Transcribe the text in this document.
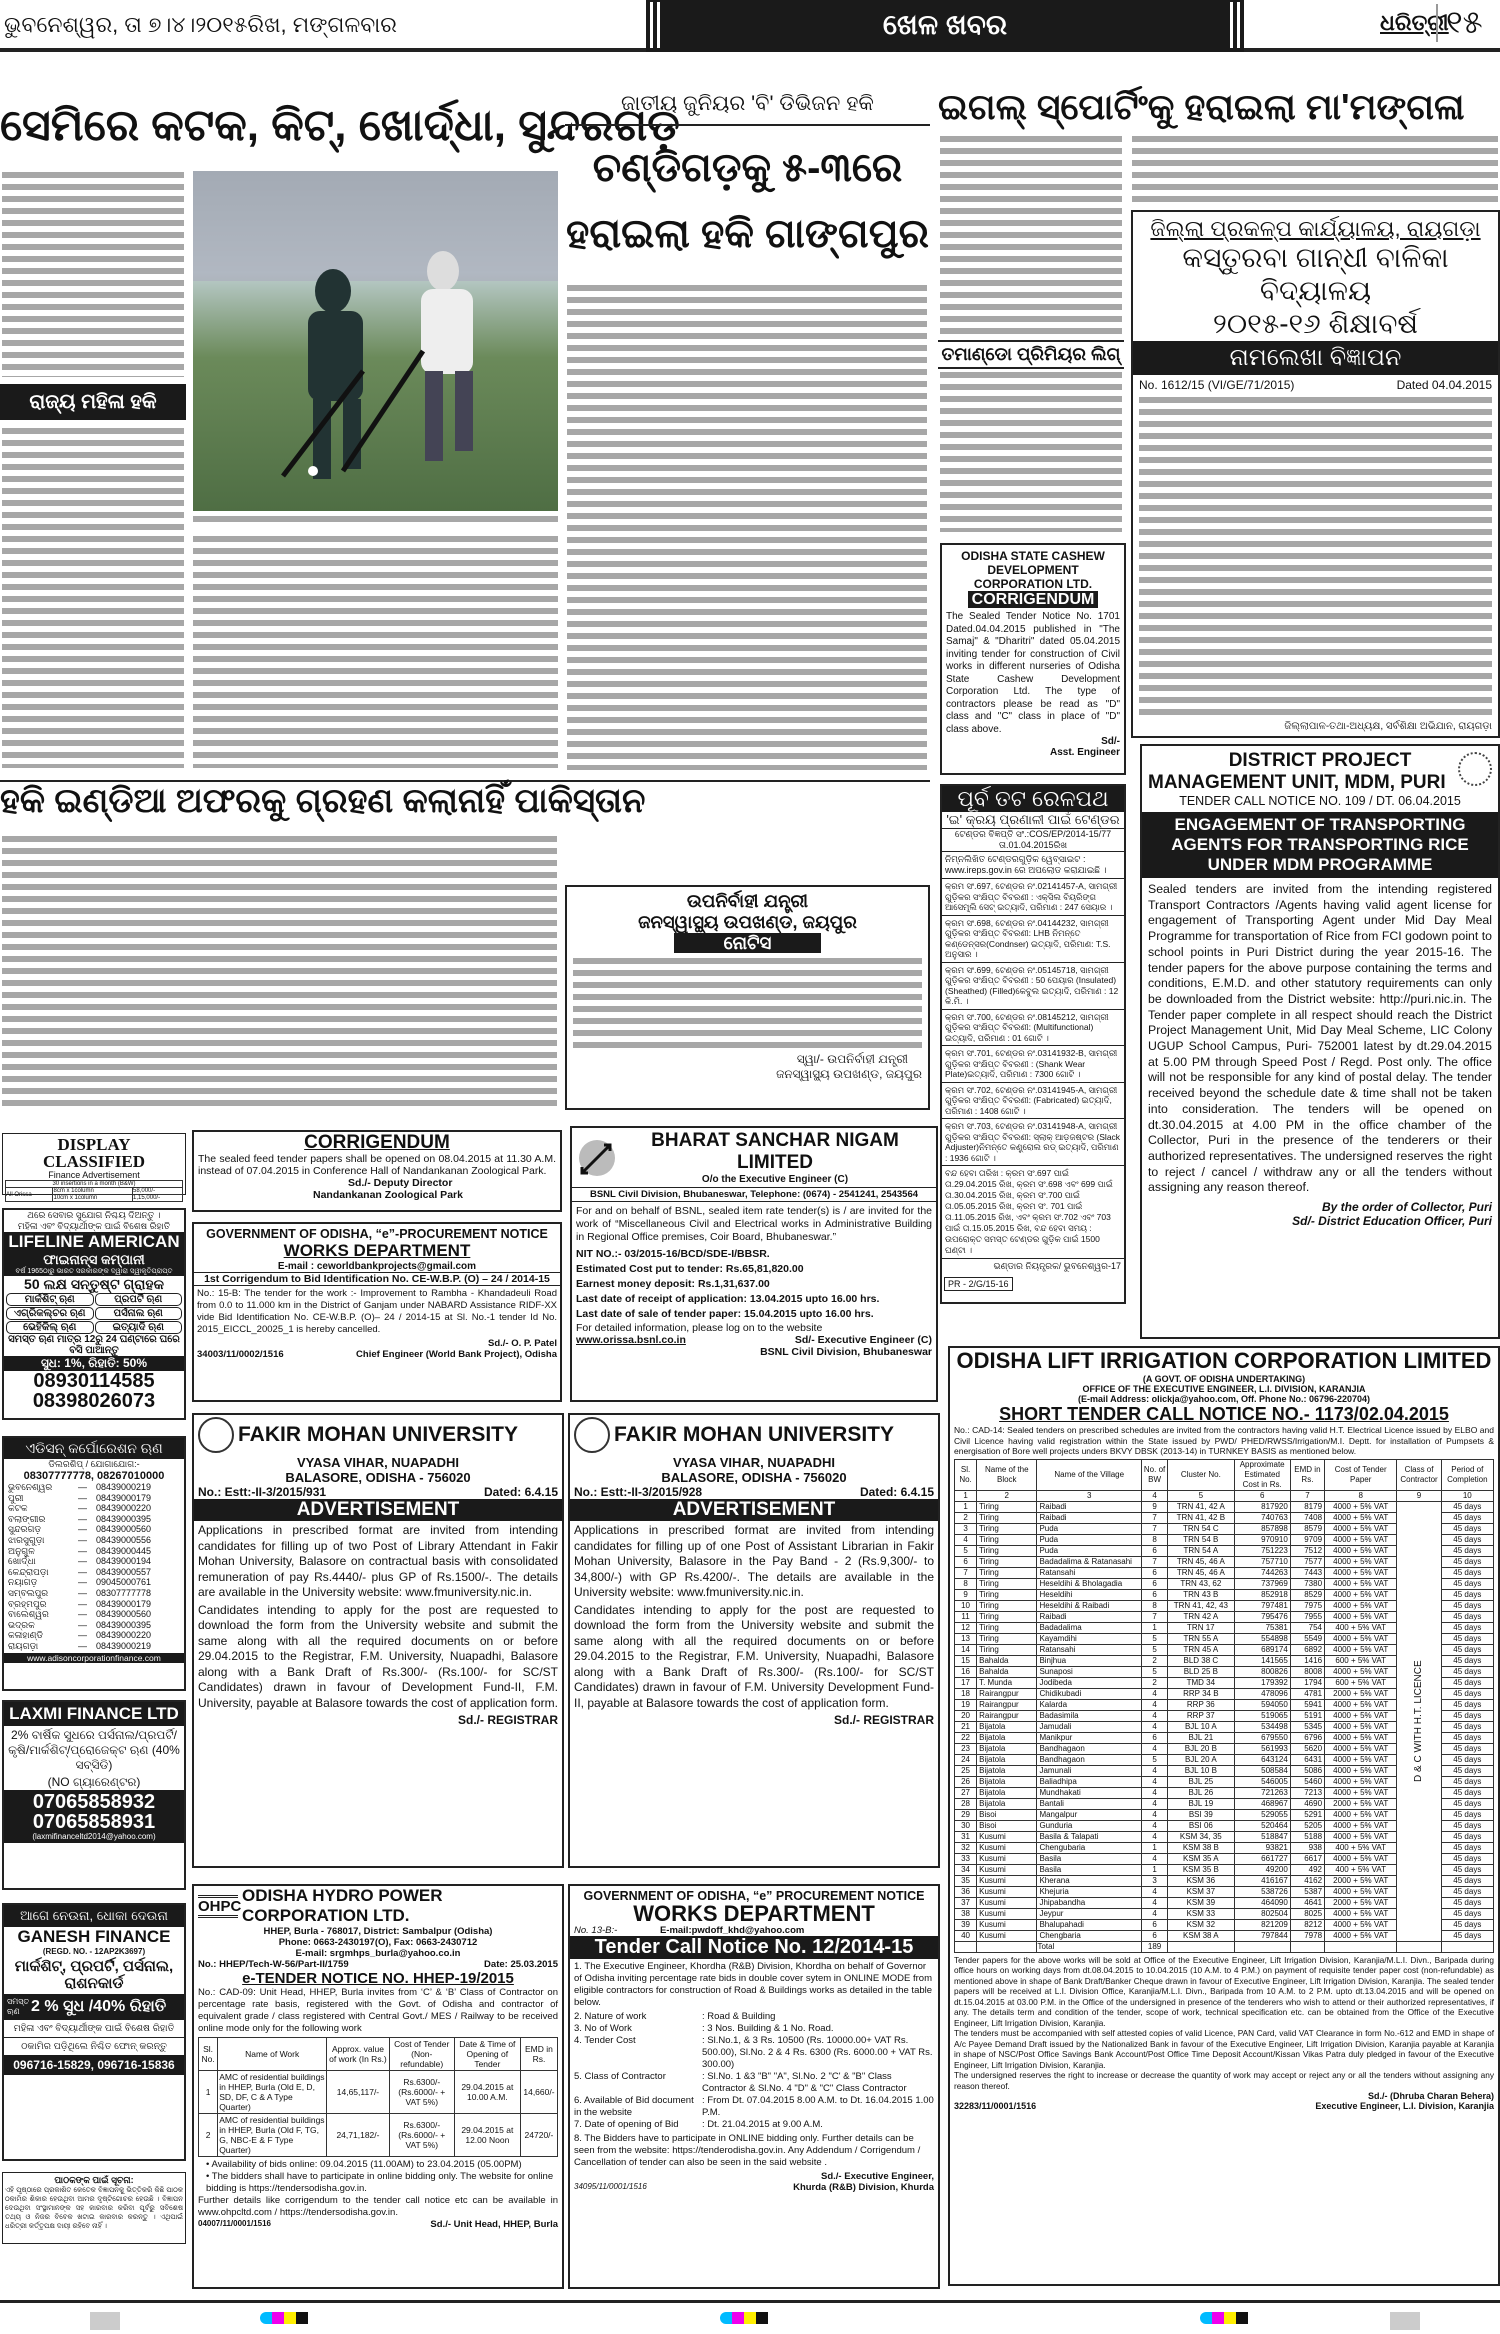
ଭୁବନେଶ୍ୱର, ତା ୭।୪।୨୦୧୫ରିଖ, ମଙ୍ଗଳବାର	ଖେଳ ଖବର	ଧରିତ୍ରୀ
୧୫
ସେମିରେ କଟକ, କିଟ୍, ଖୋର୍ଦ୍ଧା, ସୁନ୍ଦରଗଡ଼
ରାଜ୍ୟ ମହିଳା ହକି
ଜାତୀୟ ଜୁନିୟର 'ବି' ଡିଭିଜନ ହକି
ଚଣ୍ଡିଗଡ଼କୁ ୫-୩ରେ ହରାଇଲା ହକି ଗାଙ୍ଗପୁର
ଇଗଲ୍ ସ୍ପୋର୍ଟିଂକୁ ହରାଇଲା ମା'ମଙ୍ଗଳା
ତମାଣ୍ଡୋ ପ୍ରିମିୟର ଲିଗ୍
ଜିଲ୍ଲା ପ୍ରକଳ୍ପ କାର୍ଯ୍ୟାଳୟ, ରାୟଗଡ଼ା
କସ୍ତୁରବା ଗାନ୍ଧୀ ବାଳିକା ବିଦ୍ୟାଳୟ
୨୦୧୫-୧୬ ଶିକ୍ଷାବର୍ଷ
ନାମଲେଖା ବିଜ୍ଞାପନ
No. 1612/15 (VI/GE/71/2015)	Dated 04.04.2015
ଜିଲ୍ଲାପାଳ-ତଥା-ଅଧ୍ୟକ୍ଷ, ସର୍ବଶିକ୍ଷା ଅଭିଯାନ, ରାୟଗଡ଼ା
ODISHA STATE CASHEW DEVELOPMENT CORPORATION LTD.
CORRIGENDUM
The Sealed Tender Notice No. 1701 Dated.04.04.2015 published in "The Samaj" & "Dharitri" dated 05.04.2015 inviting tender for construction of Civil works in different nurseries of Odisha State Cashew Development Corporation Ltd. The type of contractors please be read as "D" class and "C" class in place of "D" class above.
Sd/-
Asst. Engineer
ପୂର୍ବ ତଟ ରେଳପଥ
'ଇ' କ୍ରୟ ପ୍ରଣାଳୀ ପାଇଁ ଟେଣ୍ଡର
ଟେଣ୍ଡର ବିଜ୍ଞପ୍ତି ସଂ.:COS/EP/2014-15/77
ତା.01.04.2015ରିଖ
ନିମ୍ନଲିଖିତ ଟେଣ୍ଡରଗୁଡ଼ିକ ୱେବ୍‌ସାଇଟ : www.ireps.gov.in ରେ ଅପଲୋଡ କରାଯାଇଛି ।
କ୍ରମ ସଂ.697, ଟେଣ୍ଡର ନଂ.02141457-A, ସାମଗ୍ରୀ ଗୁଡ଼ିକର ସଂକ୍ଷିପ୍ତ ବିବରଣୀ : ଏକ୍ସିଲ ବିୟରିଙ୍ଗ ଆସେମ୍ବ୍ଲି ସେଟ୍ ଇତ୍ୟାଦି, ପରିମାଣ : 247 ସେୟାର ।
କ୍ରମ ସଂ.698, ଟେଣ୍ଡର ନଂ.04144232, ସାମଗ୍ରୀ ଗୁଡ଼ିକର ସଂକ୍ଷିପ୍ତ ବିବରଣୀ: LHB ନିମନ୍ତେ କଣ୍ଡେନ୍ସର(Condnser) ଇତ୍ୟାଦି, ପରିମାଣ: T.S. ଅନୁସାର ।
କ୍ରମ ସଂ.699, ଟେଣ୍ଡର ନଂ.05145718, ସାମଗ୍ରୀ ଗୁଡ଼ିକର ସଂକ୍ଷିପ୍ତ ବିବରଣୀ : 50 ପେୟାର (Insulated) (Sheathed) (Filled)କେବୁଲ ଇତ୍ୟାଦି, ପରିମାଣ : 12 କି.ମି. ।
କ୍ରମ ସଂ.700, ଟେଣ୍ଡର ନଂ.08145212, ସାମଗ୍ରୀ ଗୁଡ଼ିକର ସଂକ୍ଷିପ୍ତ ବିବରଣୀ: (Multifunctional) ଇତ୍ୟାଦି, ପରିମାଣ : 01 ଗୋଟି ।
କ୍ରମ ସଂ.701, ଟେଣ୍ଡର ନଂ.03141932-B, ସାମଗ୍ରୀ ଗୁଡ଼ିକର ସଂକ୍ଷିପ୍ତ ବିବରଣୀ : (Shank Wear Plate)ଇତ୍ୟାଦି, ପରିମାଣ : 7300 ଗୋଟି ।
କ୍ରମ ସଂ.702, ଟେଣ୍ଡର ନଂ.03141945-A, ସାମଗ୍ରୀ ଗୁଡ଼ିକର ସଂକ୍ଷିପ୍ତ ବିବରଣୀ: (Fabricated) ଇତ୍ୟାଦି, ପରିମାଣ : 1408 ଗୋଟି ।
କ୍ରମ ସଂ.703, ଟେଣ୍ଡର ନଂ.03141948-A, ସାମଗ୍ରୀ ଗୁଡ଼ିକର ସଂକ୍ଷିପ୍ତ ବିବରଣୀ: ସ୍ଲାକ୍ ଆଡ଼ଜଷ୍ଟର (Slack Adjuster)ନିମନ୍ତେ କଣ୍ଟ୍ରୋଲ ରଡ୍ ଇତ୍ୟାଦି, ପରିମାଣ : 1936 ଗୋଟି ।
ବନ୍ଦ ହେବା ତାରିଖ : କ୍ରମ ସଂ.697 ପାଇଁ ତା.29.04.2015 ରିଖ, କ୍ରମ ସଂ.698 ଏବଂ 699 ପାଇଁ ତା.30.04.2015 ରିଖ, କ୍ରମ ସଂ.700 ପାଇଁ ତା.05.05.2015 ରିଖ, କ୍ରମ ସଂ. 701 ପାଇଁ ତା.11.05.2015 ରିଖ, ଏବଂ କ୍ରମ ସଂ.702 ଏବଂ 703 ପାଇଁ ତା.15.05.2015 ରିଖ, ବନ୍ଦ ହେବା ସମୟ : ଉପରୋକ୍ତ ସମସ୍ତ ଟେଣ୍ଡର ଗୁଡ଼ିକ ପାଇଁ 1500 ଘଣ୍ଟା ।
ଭଣ୍ଡାର ନିୟନ୍ତ୍ରକ/ ଭୁବନେଶ୍ୱର-17
PR - 2/G/15-16
DISTRICT PROJECT
MANAGEMENT UNIT, MDM, PURI
TENDER CALL NOTICE NO. 109 / DT. 06.04.2015
ENGAGEMENT OF TRANSPORTING AGENTS FOR TRANSPORTING RICE UNDER MDM PROGRAMME
Sealed tenders are invited from the intending registered Transport Contractors /Agents having valid agent license for engagement of Transporting Agent under Mid Day Meal Programme for transportation of Rice from FCI godown point to school points in Puri District during the year 2015-16. The tender papers for the above purpose containing the terms and conditions, E.M.D. and other statutory requirements can only be downloaded from the District website: http://puri.nic.in. The Tender paper complete in all respect should reach the District Project Management Unit, Mid Day Meal Scheme, LIC Colony UGUP School Campus, Puri- 752001 latest by dt.29.04.2015 at 5.00 PM through Speed Post / Regd. Post only. The office will not be responsible for any kind of postal delay. The tender received beyond the schedule date & time shall not be taken into consideration. The tenders will be opened on dt.30.04.2015 at 4.00 PM in the office chamber of the Collector, Puri in the presence of the tenderers or their authorized representatives. The undersigned reserves the right to reject / cancel / withdraw any or all the tenders without assigning any reason thereof.
By the order of Collector, Puri
Sd/- District Education Officer, Puri
ହକି ଇଣ୍ଡିଆ ଅଫରକୁ ଗ୍ରହଣ କଲାନାହିଁ ପାକିସ୍ତାନ
ଉପନିର୍ବାହୀ ଯନ୍ତ୍ରୀ
ଜନସ୍ୱାସ୍ଥ୍ୟ ଉପଖଣ୍ଡ, ଜୟପୁର
ନୋଟିସ
ସ୍ୱା/- ଉପନିର୍ବାହୀ ଯନ୍ତ୍ରୀ
ଜନସ୍ୱାସ୍ଥ୍ୟ ଉପଖଣ୍ଡ, ଜୟପୁର
DISPLAY CLASSIFIED
Finance Advertisement
30 insertions in a month (B&W)		
All Orissa	8cm x 1column	58,000/-
	10cm x 1column	1,15,000/-
ଥରେ ସେବାର ସୁଯୋଗ ନିଶ୍ଚୟ ଦିଅନ୍ତୁ ।
ମହିଳା ଏବଂ ବିଦ୍ୟାର୍ଥୀଙ୍କ ପାଇଁ ବିଶେଷ ରିହାତି
LIFELINE AMERICAN
ଫାଇନାନ୍ସ କମ୍ପାନୀ
ବର୍ଷ 1965ଠାରୁ ଭାରତ ସରକାରଙ୍କ ଦ୍ୱାରା ସ୍ୱୀକୃତିପ୍ରାପ୍ତ
50 ଲକ୍ଷ ସନ୍ତୁଷ୍ଟ ଗ୍ରାହକ
ମାର୍କଶିଟ୍ ଋଣ	ପ୍ରପର୍ଟି ଋଣ
ଏଗ୍ରିକଲ୍ଚର ଋଣ	ପର୍ସନାଲ ଋଣ
ଭେହିକିଲ୍ ଋଣ	ଇତ୍ୟାଦି ଋଣ
ସମସ୍ତ ଋଣ ମାତ୍ର 12ରୁ 24 ଘଣ୍ଟାରେ ଘରେ ବସି ପାଆନ୍ତୁ
ସୁଧ: 1%, ରିହାତି: 50%
08930114585
08398026073
ଏଡିସନ୍ କର୍ପୋରେଶନ ଋଣ
ଡିଲରଶିପ୍ / ଯୋଗାଯୋଗ:-
08307777778, 08267010000
ଭୁବନେଶ୍ୱର	—	08439000219
ପୁରୀ	—	08439000179
କଟକ	—	08439000220
ବଲାଙ୍ଗୀର	—	08439000395
ସୁନ୍ଦରଗଡ଼	—	08439000560
ଝାରସୁଗୁଡ଼ା	—	08439000556
ଅନୁଗୁଳ	—	08439000445
ଖୋର୍ଦ୍ଧା	—	08439000194
କେନ୍ଦ୍ରାପଡ଼ା	—	08439000557
ନୟାଗଡ଼	—	09045000761
ସମ୍ବଲପୁର	—	08307777778
ବ୍ରହ୍ମପୁର	—	08439000179
ବାଲେଶ୍ୱର	—	08439000560
ଭଦ୍ରକ	—	08439000395
କଳାହାଣ୍ଡି	—	08439000220
ରାୟଗଡ଼ା	—	08439000219
www.adisoncorporationfinance.com
LAXMI FINANCE LTD
2% ବାର୍ଷିକ ସୁଧରେ ପର୍ସନାଲ/ପ୍ରପର୍ଟି/ କୃଷି/ମାର୍କଶିଟ୍/ପ୍ରୋଜେକ୍ଟ ଋଣ (40% ସବ୍‌ସିଡି)
(NO ଗ୍ୟାରେଣ୍ଟର)
07065858932
07065858931
(laxmifinanceltd2014@yahoo.com)
ଆଗେ ନେଉନା, ଧୋକା ଦେଉନା
GANESH FINANCE
(REGD. NO. - 12AP2K3697)
ମାର୍କଶିଟ୍, ପ୍ରପର୍ଟି, ପର୍ସନାଲ, ରାଶନକାର୍ଡ
ସମସ୍ତ ଋଣ 2 % ସୁଧ /40% ରିହାତି
ମହିଳା ଏବଂ ବିଦ୍ୟାର୍ଥୀଙ୍କ ପାଇଁ ବିଶେଷ ରିହାତି
ଠକାମିର ପଡ଼ିଥିଲେ ନିଶ୍ଚିତ ଫୋନ୍ କରନ୍ତୁ
096716-15829, 096716-15836
ପାଠକଙ୍କ ପାଇଁ ସୂଚନା:
ଏହି ପୃଷ୍ଠାରେ ପ୍ରକାଶିତ କେତେକ ବିଜ୍ଞାପନକୁ ଭିତ୍ତିକରି କିଛି ପାଠକ ଠକାମିର ଶିକାର ହେଉଥିବା ଆମର ଦୃଷ୍ଟିଗୋଚର ହେଉଛି । ବିଜ୍ଞାପନ ଦେଉଥିବା ସଂସ୍ଥାମାନଙ୍କ ସହ କାରବାର କରିବା ପୂର୍ବରୁ ସବିଶେଷ ତଥ୍ୟ ଓ ନିଜର ବିବେକ ଖଟାଇ କାରବାର କରନ୍ତୁ । ଏଥିପାଇଁ ଧରିତ୍ରୀ କର୍ତ୍ତୃପକ୍ଷ ଦାୟୀ ରହିବେ ନାହିଁ ।
CORRIGENDUM
The sealed feed tender papers shall be opened on 08.04.2015 at 11.30 A.M. instead of 07.04.2015 in Conference Hall of Nandankanan Zoological Park.
Sd./- Deputy Director
Nandankanan Zoological Park
GOVERNMENT OF ODISHA, “e”-PROCUREMENT NOTICE
WORKS DEPARTMENT
E-mail : ceworldbankprojects@gmail.com
1st Corrigendum to Bid Identification No. CE-W.B.P. (O) – 24 / 2014-15
No.: 15-B: The tender for the work :- Improvement to Rambha - Khandadeuli Road from 0.0 to 11.000 km in the District of Ganjam under NABARD Assistance RIDF-XX vide Bid Identification No. CE-W.B.P. (O)– 24 / 2014-15 at Sl. No.-1 tender Id No. 2015_EICCL_20025_1 is hereby cancelled.
Sd./- O. P. Patel
34003/11/0002/1516	Chief Engineer (World Bank Project), Odisha
BHARAT SANCHAR NIGAM LIMITED
O/o the Executive Engineer (C)
BSNL Civil Division, Bhubaneswar, Telephone: (0674) - 2541241, 2543564
For and on behalf of BSNL, sealed item rate tender(s) is / are invited for the work of “Miscellaneous Civil and Electrical works in Administrative Building in Regional Office premises, Coir Board, Bhubaneswar.”
NIT NO.:- 03/2015-16/BCD/SDE-I/BBSR.
Estimated Cost put to tender: Rs.65,81,820.00
Earnest money deposit: Rs.1,31,637.00
Last date of receipt of application: 13.04.2015 upto 16.00 hrs.
Last date of sale of tender paper: 15.04.2015 upto 16.00 hrs.
For detailed information, please log on to the website
www.orissa.bsnl.co.in	Sd/- Executive Engineer (C)
BSNL Civil Division, Bhubaneswar
FAKIR MOHAN UNIVERSITY
VYASA VIHAR, NUAPADHI
BALASORE, ODISHA - 756020
No.: Estt:-II-3/2015/931	Dated: 6.4.15
ADVERTISEMENT
Applications in prescribed format are invited from intending candidates for filling up of two Post of Library Attendant in Fakir Mohan University, Balasore on contractual basis with consolidated remuneration of pay Rs.4440/- plus GP of Rs.1500/-. The details are available in the University website: www.fmuniversity.nic.in.
Candidates intending to apply for the post are requested to download the form from the University website and submit the same along with all the required documents on or before 29.04.2015 to the Registrar, F.M. University, Nuapadhi, Balasore along with a Bank Draft of Rs.300/- (Rs.100/- for SC/ST Candidates) drawn in favour of Development Fund-II, F.M. University, payable at Balasore towards the cost of application form.
Sd./- REGISTRAR
FAKIR MOHAN UNIVERSITY
VYASA VIHAR, NUAPADHI
BALASORE, ODISHA - 756020
No.: Estt:-II-3/2015/928	Dated: 6.4.15
ADVERTISEMENT
Applications in prescribed format are invited from intending candidates for filling up of one Post of Assistant Librarian in Fakir Mohan University, Balasore in the Pay Band - 2 (Rs.9,300/- to 34,800/-) with GP Rs.4200/-. The details are available in the University website: www.fmuniversity.nic.in.
Candidates intending to apply for the post are requested to download the form from the University website and submit the same along with all the required documents on or before 29.04.2015 to the Registrar, F.M. University, Nuapadhi, Balasore along with a Bank Draft of Rs.300/- (Rs.100/- for SC/ST Candidates) drawn in favour of F.M. University Development Fund-II, payable at Balasore towards the cost of application form.
Sd./- REGISTRAR
OHPC
ODISHA HYDRO POWER CORPORATION LTD.
HHEP, Burla - 768017, District: Sambalpur (Odisha)
Phone: 0663-2430197(O), Fax: 0663-2430712
E-mail: srgmhps_burla@yahoo.co.in
No.: HHEP/Tech-W-56/Part-II/1759	Date: 25.03.2015
e-TENDER NOTICE NO. HHEP-19/2015
No.: CAD-09: Unit Head, HHEP, Burla invites from ‘C’ & ‘B’ Class of Contractor on percentage rate basis, registered with the Govt. of Odisha and contractor of equivalent grade / class registered with Central Govt./ MES / Railway to be received online mode only for the following work
Sl. No.	Name of Work	Approx. value of work (In Rs.)	Cost of Tender (Non-refundable)	Date & Time of Opening of Tender	EMD in Rs.
1	AMC of residential buildings in HHEP, Burla (Old E, D, SD, DF, C & A Type Quarter)	14,65,117/-	Rs.6300/- (Rs.6000/- + VAT 5%)	29.04.2015 at 10.00 A.M.	14,660/-
2	AMC of residential buildings in HHEP, Burla (Old F, TG, G, NBC-E & F Type Quarter)	24,71,182/-	Rs.6300/- (Rs.6000/- + VAT 5%)	29.04.2015 at 12.00 Noon	24720/-
• Availability of bids online: 09.04.2015 (11.00AM) to 23.04.2015 (05.00PM)
• The bidders shall have to participate in online bidding only. The website for online bidding is https://tendersodisha.gov.in.
Further details like corrigendum to the tender call notice etc can be available in www.ohpcltd.com / https://tendersodisha.gov.in.
04007/11/0001/1516	Sd./- Unit Head, HHEP, Burla
GOVERNMENT OF ODISHA, “e” PROCUREMENT NOTICE
WORKS DEPARTMENT
No. 13-B:-	E-mail:pwdoff_khd@yahoo.com
Tender Call Notice No. 12/2014-15
1. The Executive Engineer, Khordha (R&B) Division, Khordha on behalf of Governor of Odisha inviting percentage rate bids in double cover sytem in ONLINE MODE from eligible contractors for construction of Road & Buildings works as detailed in the table below.
2. Nature of work	: Road & Building
3. No of Work	: 3 Nos. Building & 1 No. Road.
4. Tender Cost	: Sl.No.1, & 3 Rs. 10500 (Rs. 10000.00+ VAT Rs. 500.00), Sl.No. 2 & 4 Rs. 6300 (Rs. 6000.00 + VAT Rs. 300.00)
5. Class of Contractor	: Sl.No. 1 &3 "B" "A", Sl.No. 2 "C' & "B" Class Contractor & Sl.No. 4 "D" & "C" Class Contractor
6. Available of Bid document in the website
: From Dt. 07.04.2015 8.00 A.M. to Dt. 16.04.2015 1.00 P.M.
7. Date of opening of Bid	: Dt. 21.04.2015 at 9.00 A.M.
8. The Bidders have to participate in ONLINE bidding only. Further details can be seen from the website: https://tenderodisha.gov.in. Any Addendum / Corrigendum / Cancellation of tender can also be seen in the said website .
Sd./- Executive Engineer,
34095/11/0001/1516	Khurda (R&B) Division, Khurda
ODISHA LIFT IRRIGATION CORPORATION LIMITED
(A GOVT. OF ODISHA UNDERTAKING)
OFFICE OF THE EXECUTIVE ENGINEER, L.I. DIVISION, KARANJIA
(E-mail Address: olickja@yahoo.com, Off. Phone No.: 06796-220704)
SHORT TENDER CALL NOTICE NO.- 1173/02.04.2015
No.: CAD-14: Sealed tenders on prescribed schedules are invited from the contractors having valid H.T. Electrical Licence issued by ELBO and Civil Licence having valid registration within the State issued by PWD/ PHED/RWSS/Irrigation/M.I. Deptt. for installation of Pumpsets & energisation of Bore well projects unders BKVY DBSK (2013-14) in TURNKEY BASIS as mentioned below.
Sl. No.	Name of the Block	Name of the Village	No. of BW	Cluster No.	Approximate Estimated Cost in Rs.	EMD in Rs.	Cost of Tender Paper	Class of Contractor	Period of Completion
1	2	3	4	5	6	7	8	9	10
1	Tiring	Raibadi	9	TRN 41, 42 A	817920	8179	4000 + 5% VAT	D & C WITH H.T. LICENCE	45 days
2	Tiring	Raibadi	7	TRN 41, 42 B	740763	7408	4000 + 5% VAT		45 days
3	Tiring	Puda	7	TRN 54 C	857898	8579	4000 + 5% VAT		45 days
4	Tiring	Puda	8	TRN 54 B	970910	9709	4000 + 5% VAT		45 days
5	Tiring	Puda	6	TRN 54 A	751223	7512	4000 + 5% VAT		45 days
6	Tiring	Badadalima & Ratanasahi	7	TRN 45, 46 A	757710	7577	4000 + 5% VAT		45 days
7	Tiring	Ratansahi	6	TRN 45, 46 A	744263	7443	4000 + 5% VAT		45 days
8	Tiring	Heseldihi & Bholagadia	6	TRN 43, 62	737969	7380	4000 + 5% VAT		45 days
9	Tiring	Heseldihi	6	TRN 43 B	852918	8529	4000 + 5% VAT		45 days
10	Tiring	Heseldihi & Raibadi	8	TRN 41, 42, 43	797481	7975	4000 + 5% VAT		45 days
11	Tiring	Raibadi	7	TRN 42 A	795476	7955	4000 + 5% VAT		45 days
12	Tiring	Badadalima	1	TRN 17	75381	754	400 + 5% VAT		45 days
13	Tiring	Kayamdihi	5	TRN 55 A	554898	5549	4000 + 5% VAT		45 days
14	Tiring	Ratansahi	5	TRN 45 A	689174	6892	4000 + 5% VAT		45 days
15	Bahalda	Binjhua	2	BLD 38 C	141565	1416	600 + 5% VAT		45 days
16	Bahalda	Sunaposi	5	BLD 25 B	800826	8008	4000 + 5% VAT		45 days
17	T. Munda	Jodibeda	2	TMD 34	179392	1794	600 + 5% VAT		45 days
18	Rairangpur	Chidikubadi	4	RRP 34 B	478096	4781	2000 + 5% VAT		45 days
19	Rairangpur	Kalarda	4	RRP 36	594050	5941	4000 + 5% VAT		45 days
20	Rairangpur	Badasimila	4	RRP 37	519065	5191	4000 + 5% VAT		45 days
21	Bijatola	Jamudali	4	BJL 10 A	534498	5345	4000 + 5% VAT		45 days
22	Bijatola	Manikpur	6	BJL 21	679550	6796	4000 + 5% VAT		45 days
23	Bijatola	Bandhagaon	4	BJL 20 B	561993	5620	4000 + 5% VAT		45 days
24	Bijatola	Bandhagaon	5	BJL 20 A	643124	6431	4000 + 5% VAT		45 days
25	Bijatola	Jamunali	4	BJL 10 B	508584	5086	4000 + 5% VAT		45 days
26	Bijatola	Baliadhipa	4	BJL 25	546005	5460	4000 + 5% VAT		45 days
27	Bijatola	Mundhakati	4	BJL 26	721263	7213	4000 + 5% VAT		45 days
28	Bijatola	Bantali	4	BJL 19	468967	4690	2000 + 5% VAT		45 days
29	Bisoi	Mangalpur	4	BSI 39	529055	5291	4000 + 5% VAT		45 days
30	Bisoi	Gunduria	4	BSI 06	520464	5205	4000 + 5% VAT		45 days
31	Kusumi	Basila & Talapati	4	KSM 34, 35	518847	5188	4000 + 5% VAT		45 days
32	Kusumi	Chengubaria	1	KSM 38 B	93821	938	400 + 5% VAT		45 days
33	Kusumi	Basila	4	KSM 35 A	661727	6617	4000 + 5% VAT		45 days
34	Kusumi	Basila	1	KSM 35 B	49200	492	400 + 5% VAT		45 days
35	Kusumi	Kherana	3	KSM 36	416167	4162	2000 + 5% VAT		45 days
36	Kusumi	Khejuria	4	KSM 37	538726	5387	4000 + 5% VAT		45 days
37	Kusumi	Jhipabandha	4	KSM 39	464090	4641	2000 + 5% VAT		45 days
38	Kusumi	Jeypur	4	KSM 33	802504	8025	4000 + 5% VAT		45 days
39	Kusumi	Bhalupahadi	6	KSM 32	821209	8212	4000 + 5% VAT		45 days
40	Kusumi	Chengbaria	6	KSM 38 A	797844	7978	4000 + 5% VAT		45 days
		Total	189						
Tender papers for the above works will be sold at Office of the Executive Engineer, Lift Irrigation Division, Karanjia/M.L.I. Divn., Baripada during office hours on working days from dt.08.04.2015 to 10.04.2015 (10 A.M. to 4 P.M.) on payment of requisite tender paper cost (non-refundable) as mentioned above in shape of Bank Draft/Banker Cheque drawn in favour of Executive Engineer, Lift Irrigation Division, Karanjia. The sealed tender papers will be received at L.I. Division Office, Karanjia/M.L.I. Divn., Baripada from 10 A.M. to 2 P.M. upto dt.13.04.2015 and will be opened on dt.15.04.2015 at 03.00 P.M. in the Office of the undersigned in presence of the tenderers who wish to attend or their authorized representatives, if any. The details term and condition of the tender, scope of work, technical specification etc. can be obtained from the Office of the Executive Engineer, Lift Irrigation Division, Karanjia.
The tenders must be accompanied with self attested copies of valid Licence, PAN Card, valid VAT Clearance in form No.-612 and EMD in shape of A/c Payee Demand Draft issued by the Nationalized Bank in favour of the Executive Engineer, Lift Irrigation Division, Karanjia payable at Karanjia in shape of NSC/Post Office Savings Bank Account/Post Office Time Deposit Account/Kissan Vikas Patra duly pledged in favour of the Executive Engineer, Lift Irrigation Division, Karanjia.
The undersigned reserves the right to increase or decrease the quantity of work may accept or reject any or all the tenders without assigning any reason thereof.
Sd./- (Dhruba Charan Behera)
32283/11/0001/1516	Executive Engineer, L.I. Division, Karanjia
